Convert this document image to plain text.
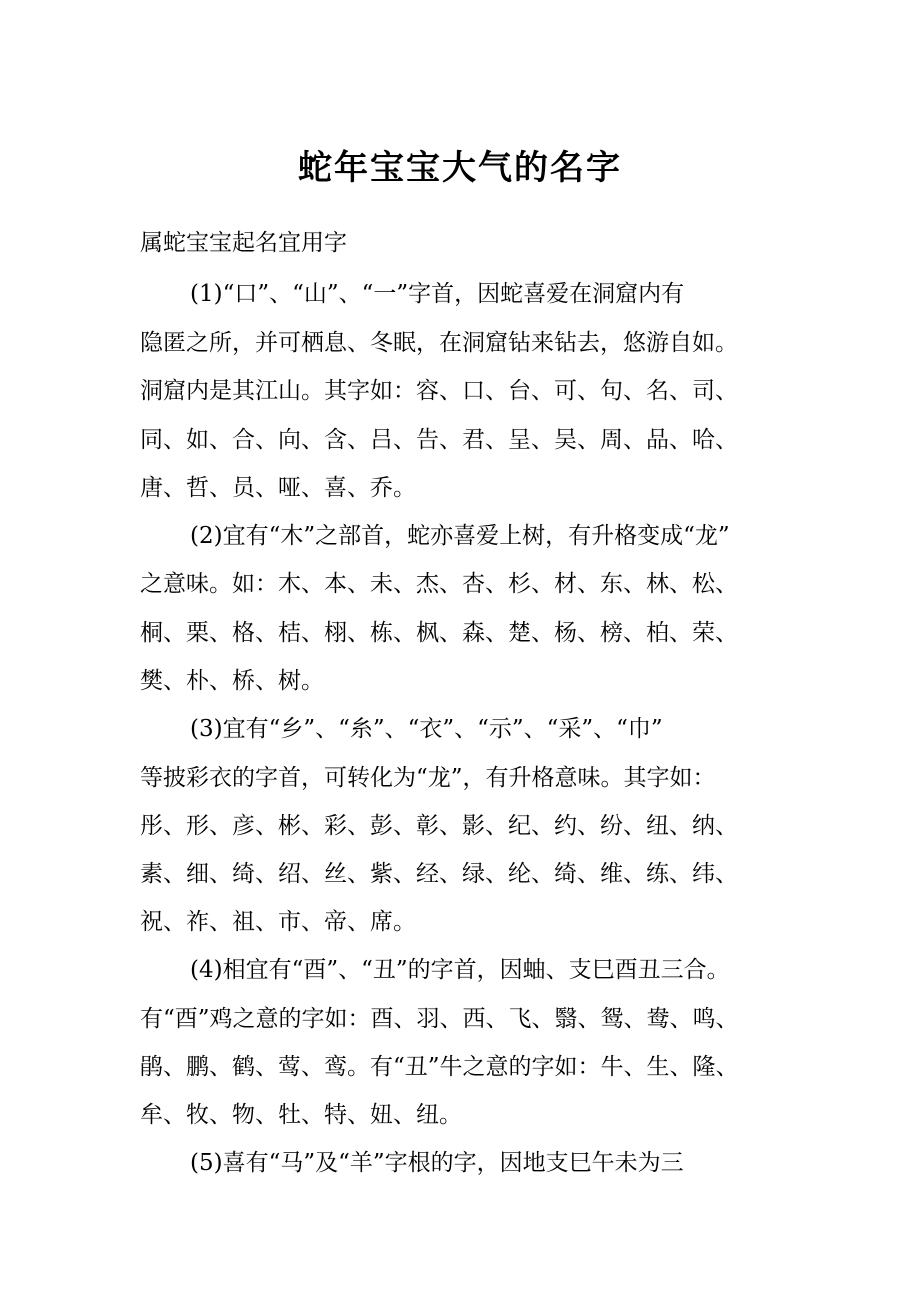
蛇年宝宝大气的名字

属蛇宝宝起名宜用字

(1)“口”、“山”、“一”字首，因蛇喜爱在洞窟内有

隐匿之所，并可栖息、冬眠，在洞窟钻来钻去，悠游自如。

洞窟内是其江山。其字如：容、口、台、可、句、名、司、

同、如、合、向、含、吕、告、君、呈、吴、周、品、哈、

唐、哲、员、哑、喜、乔。

(2)宜有“木”之部首，蛇亦喜爱上树，有升格变成“龙”

之意味。如：木、本、未、杰、杏、杉、材、东、林、松、

桐、栗、格、桔、栩、栋、枫、森、楚、杨、榜、柏、荣、

樊、朴、桥、树。

(3)宜有“乡”、“糸”、“衣”、“示”、“采”、“巾”

等披彩衣的字首，可转化为“龙”，有升格意味。其字如：

彤、形、彦、彬、彩、彭、彰、影、纪、约、纷、纽、纳、

素、细、绮、绍、丝、紫、经、绿、纶、绮、维、练、纬、

祝、祚、祖、市、帝、席。

(4)相宜有“酉”、“丑”的字首，因蚰、支巳酉丑三合。

有“酉”鸡之意的字如：酉、羽、西、飞、翳、鸳、鸯、鸣、

鹃、鹏、鹤、莺、鸾。有“丑”牛之意的字如：牛、生、隆、

牟、牧、物、牡、特、妞、纽。

(5)喜有“马”及“羊”字根的字，因地支巳午未为三
